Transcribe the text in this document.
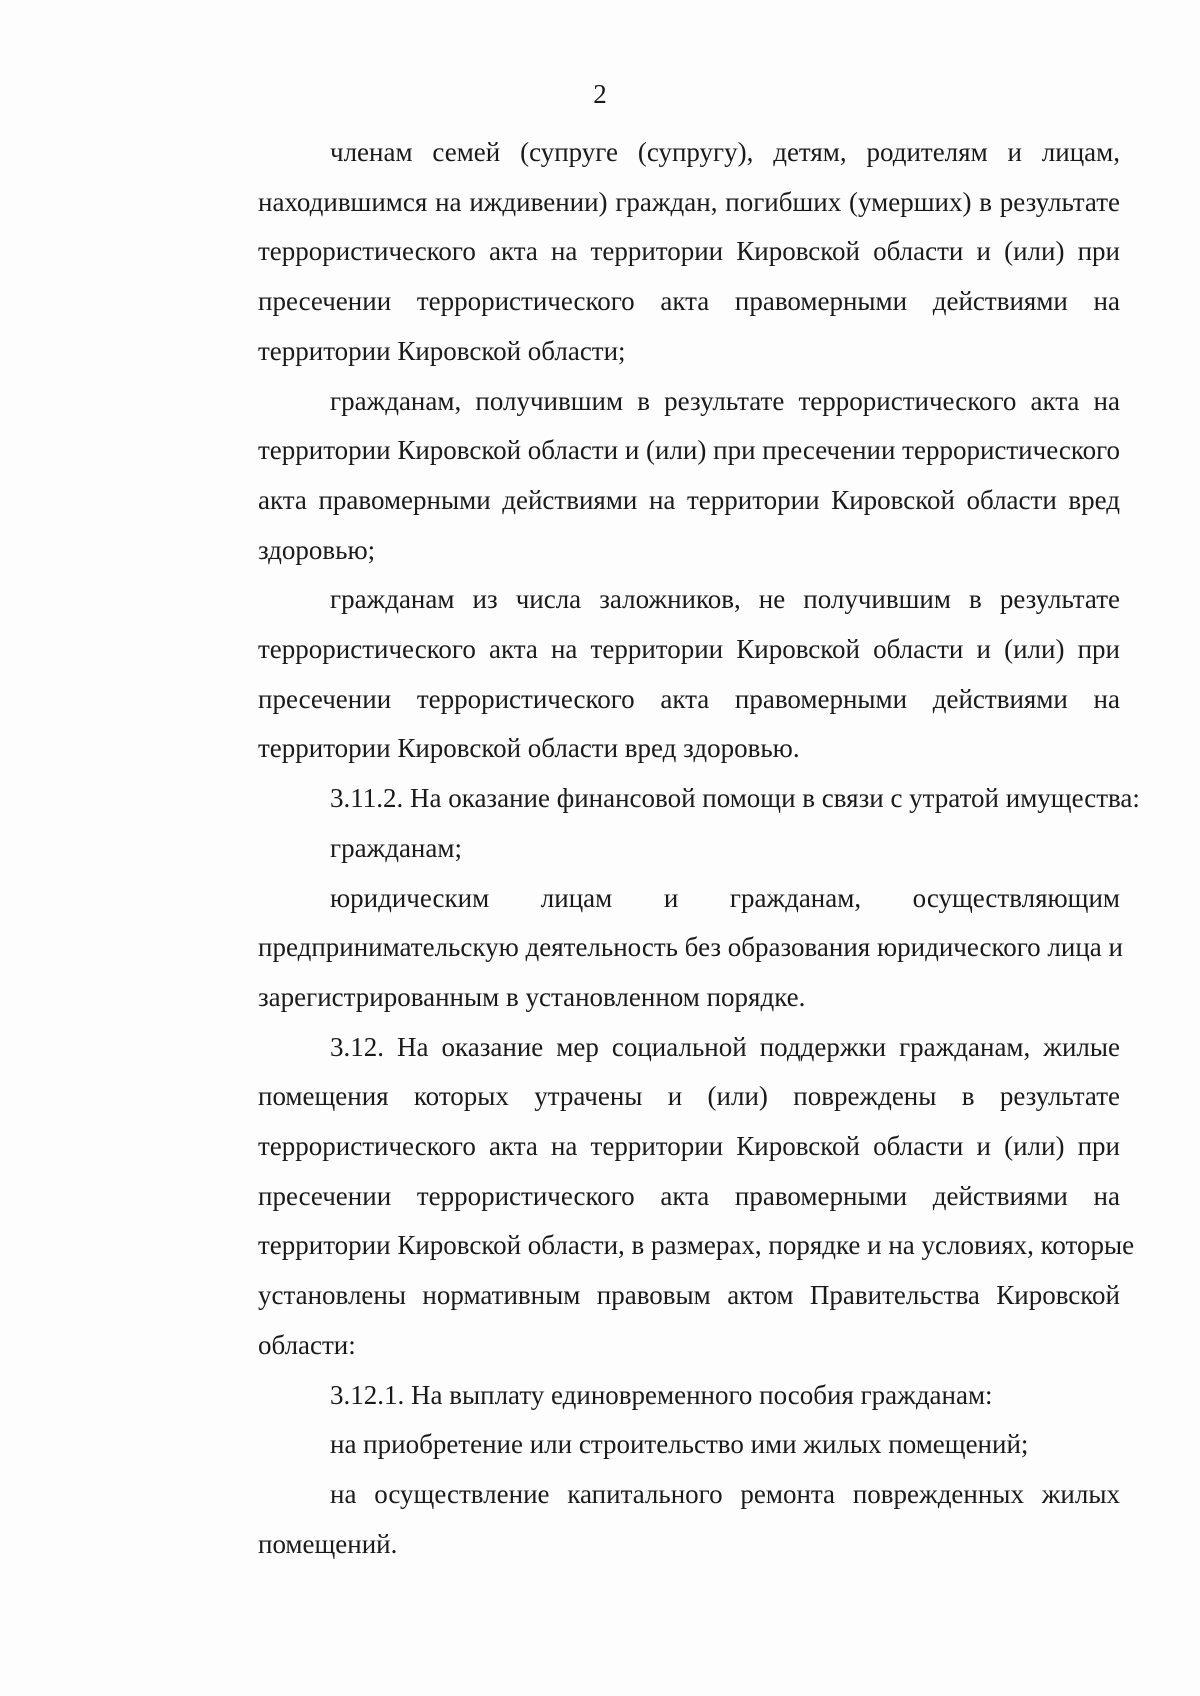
2

членам семей (супруге (супругу), детям, родителям и лицам,
находившимся на иждивении) граждан, погибших (умерших) в результате
террористического акта на территории Кировской области и (или) при
пресечении террористического акта правомерными действиями на
территории Кировской области;

гражданам, получившим в результате террористического акта на
территории Кировской области и (или) при пресечении террористического
акта правомерными действиями на территории Кировской области вред
здоровью;

гражданам из числа заложников, не получившим в результате
террористического акта на территории Кировской области и (или) при
пресечении террористического акта правомерными действиями на
территории Кировской области вред здоровью.

3.11.2. На оказание финансовой помощи в связи с утратой имущества:

гражданам;

юридическим лицам и гражданам, осуществляющим
предпринимательскую деятельность без образования юридического лица и
зарегистрированным в установленном порядке.

3.12. На оказание мер социальной поддержки гражданам, жилые
помещения которых утрачены и (или) повреждены в результате
террористического акта на территории Кировской области и (или) при
пресечении террористического акта правомерными действиями на
территории Кировской области, в размерах, порядке и на условиях, которые
установлены нормативным правовым актом Правительства Кировской
области:

3.12.1. На выплату единовременного пособия гражданам:

на приобретение или строительство ими жилых помещений;

на осуществление капитального ремонта поврежденных жилых
помещений.
